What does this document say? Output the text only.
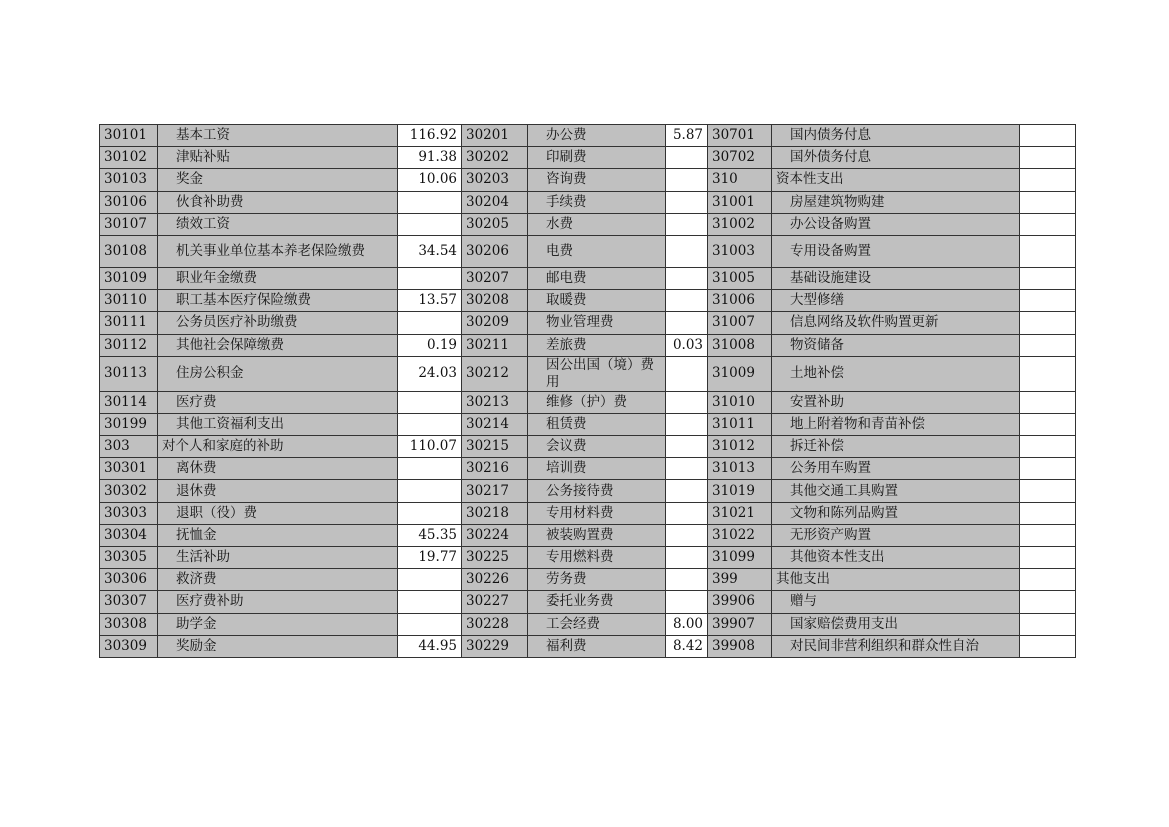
30101	基本工资	116.92	30201	办公费	5.87	30701	国内债务付息	
30102	津贴补贴	91.38	30202	印刷费		30702	国外债务付息	
30103	奖金	10.06	30203	咨询费		310	资本性支出	
30106	伙食补助费		30204	手续费		31001	房屋建筑物购建	
30107	绩效工资		30205	水费		31002	办公设备购置	
30108	机关事业单位基本养老保险缴费	34.54	30206	电费		31003	专用设备购置	
30109	职业年金缴费		30207	邮电费		31005	基础设施建设	
30110	职工基本医疗保险缴费	13.57	30208	取暖费		31006	大型修缮	
30111	公务员医疗补助缴费		30209	物业管理费		31007	信息网络及软件购置更新	
30112	其他社会保障缴费	0.19	30211	差旅费	0.03	31008	物资储备	
30113	住房公积金	24.03	30212	因公出国（境）费用		31009	土地补偿	
30114	医疗费		30213	维修（护）费		31010	安置补助	
30199	其他工资福利支出		30214	租赁费		31011	地上附着物和青苗补偿	
303	对个人和家庭的补助	110.07	30215	会议费		31012	拆迁补偿	
30301	离休费		30216	培训费		31013	公务用车购置	
30302	退休费		30217	公务接待费		31019	其他交通工具购置	
30303	退职（役）费		30218	专用材料费		31021	文物和陈列品购置	
30304	抚恤金	45.35	30224	被装购置费		31022	无形资产购置	
30305	生活补助	19.77	30225	专用燃料费		31099	其他资本性支出	
30306	救济费		30226	劳务费		399	其他支出	
30307	医疗费补助		30227	委托业务费		39906	赠与	
30308	助学金		30228	工会经费	8.00	39907	国家赔偿费用支出	
30309	奖励金	44.95	30229	福利费	8.42	39908	对民间非营利组织和群众性自治	
